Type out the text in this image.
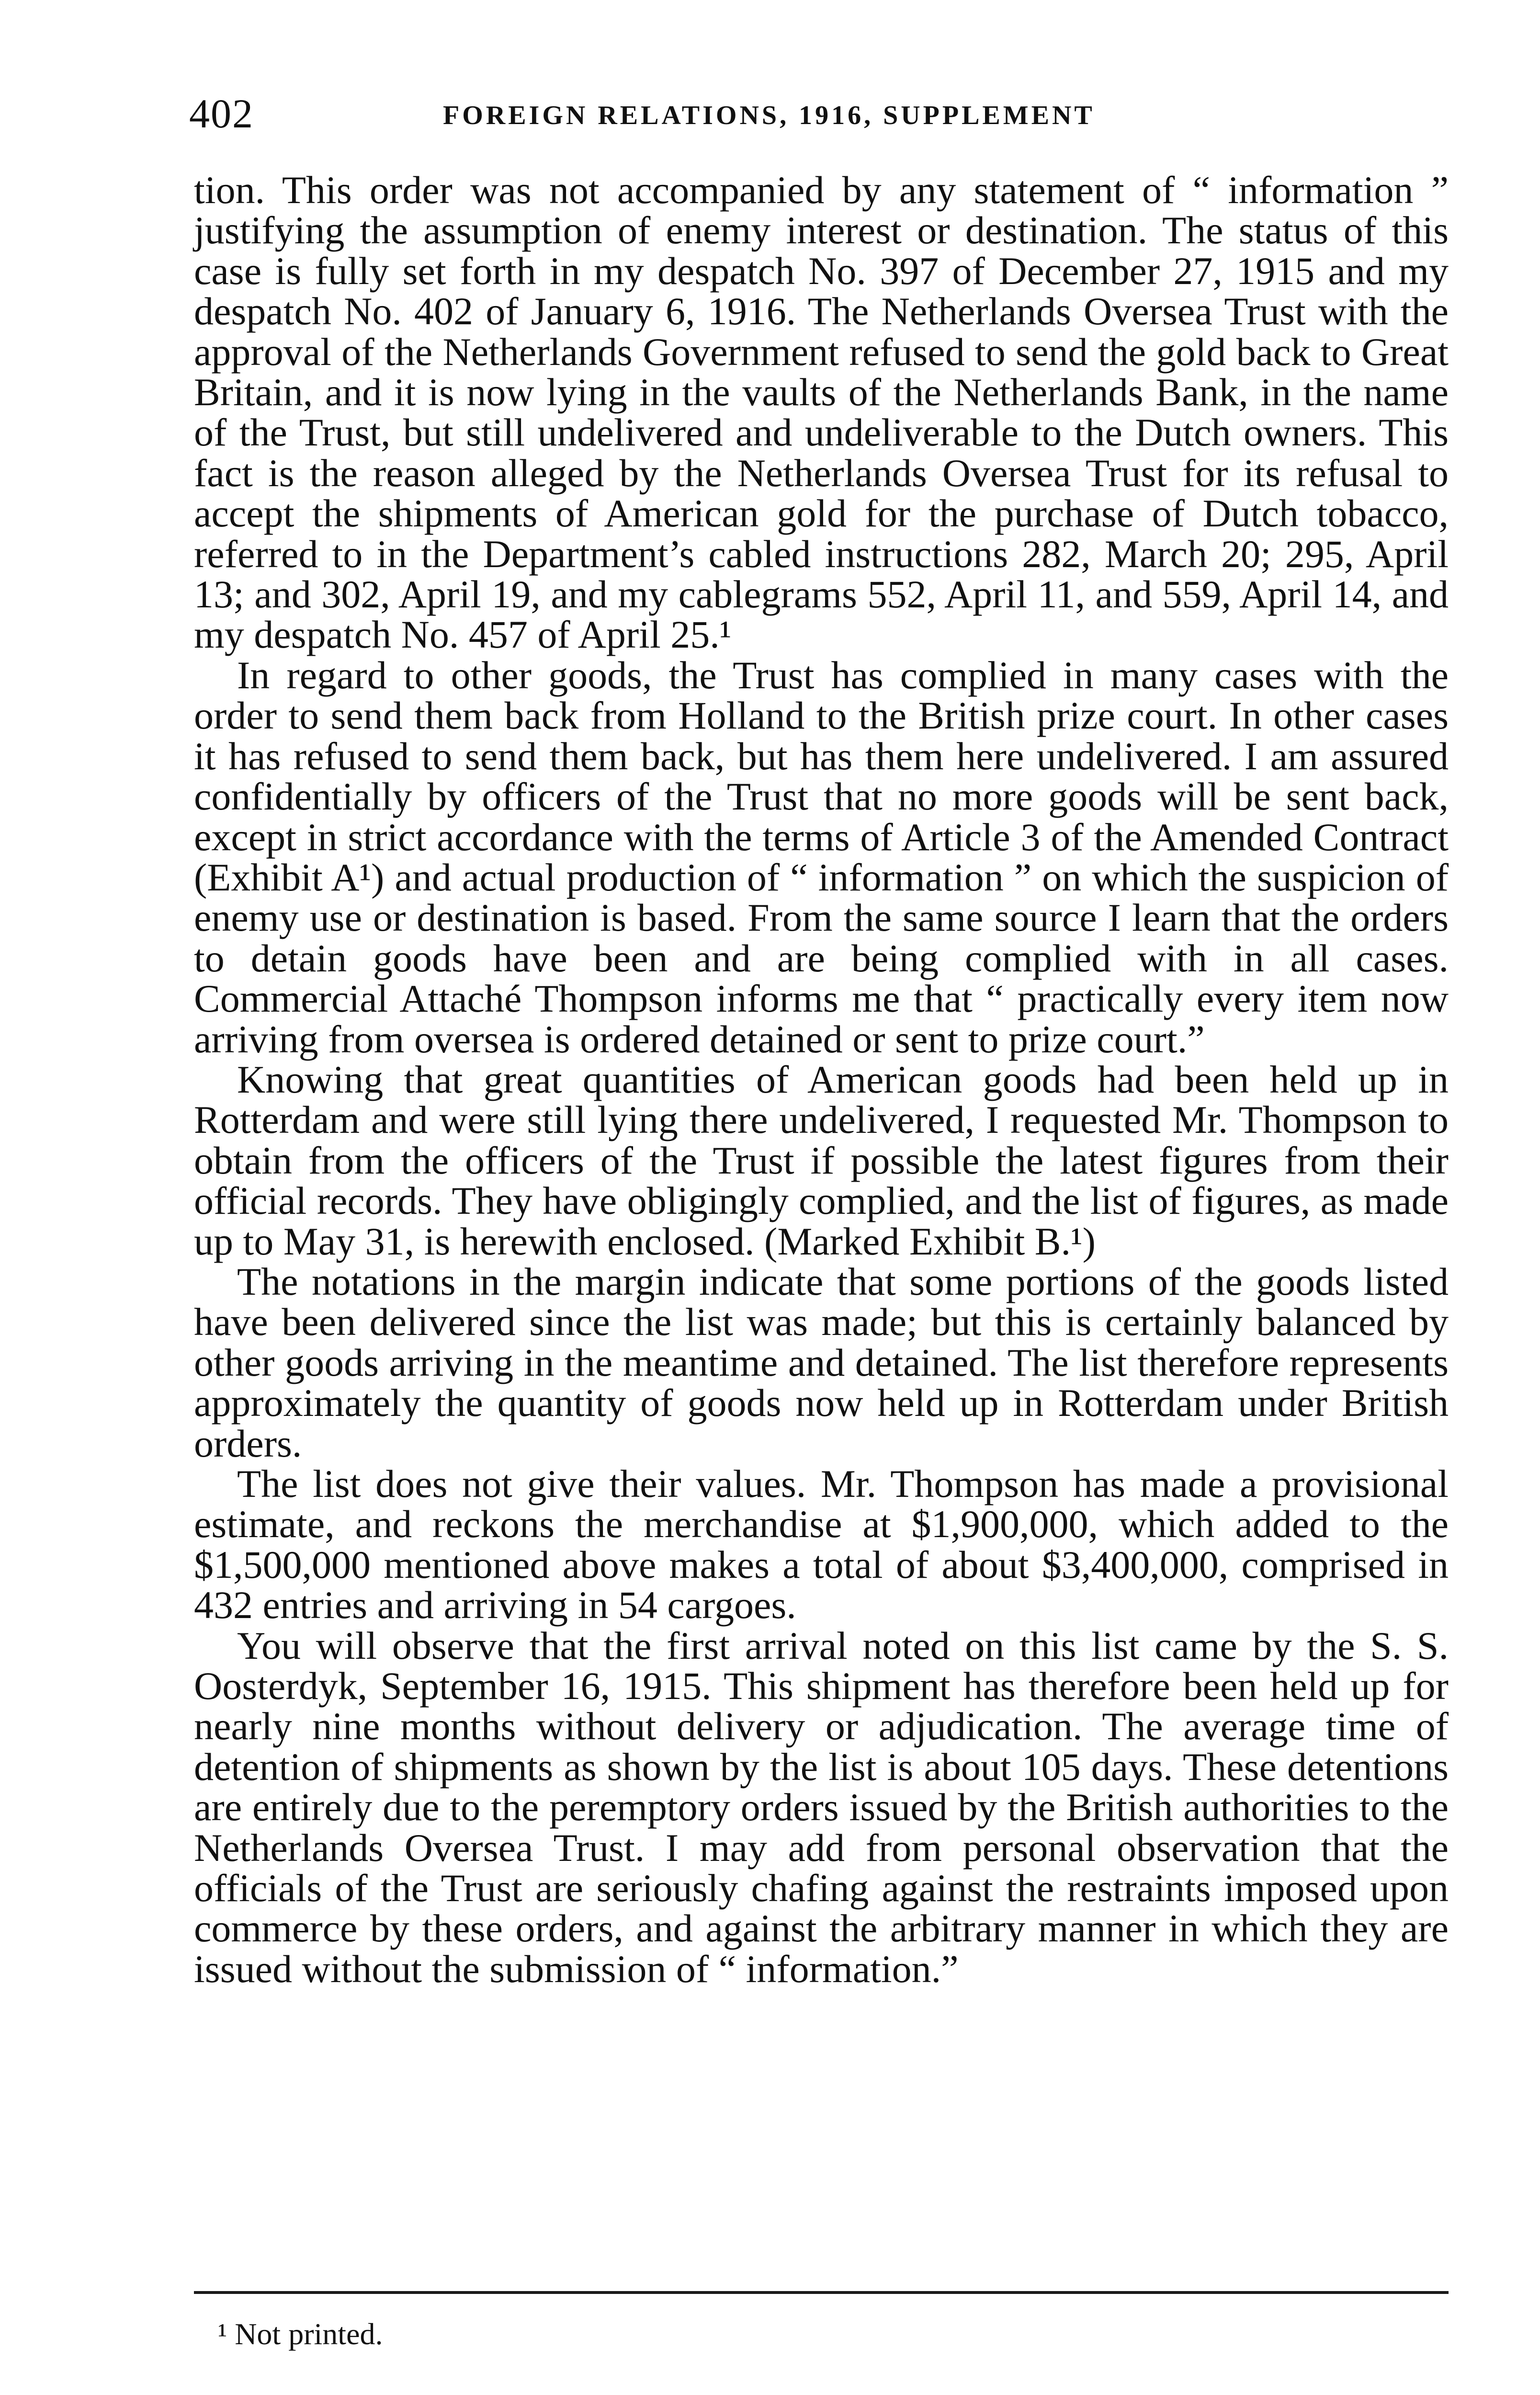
402	FOREIGN RELATIONS, 1916, SUPPLEMENT

tion. This order was not accompanied by any statement of “ information ” justifying the assumption of enemy interest or destination. The status of this case is fully set forth in my despatch No. 397 of December 27, 1915 and my despatch No. 402 of January 6, 1916. The Netherlands Oversea Trust with the approval of the Netherlands Government refused to send the gold back to Great Britain, and it is now lying in the vaults of the Netherlands Bank, in the name of the Trust, but still undelivered and undeliverable to the Dutch owners. This fact is the reason alleged by the Netherlands Oversea Trust for its refusal to accept the shipments of American gold for the purchase of Dutch tobacco, referred to in the Department’s cabled instructions 282, March 20; 295, April 13; and 302, April 19, and my cablegrams 552, April 11, and 559, April 14, and my despatch No. 457 of April 25.¹

In regard to other goods, the Trust has complied in many cases with the order to send them back from Holland to the British prize court. In other cases it has refused to send them back, but has them here undelivered. I am assured confidentially by officers of the Trust that no more goods will be sent back, except in strict accordance with the terms of Article 3 of the Amended Contract (Exhibit A¹) and actual production of “ information ” on which the suspicion of enemy use or destination is based. From the same source I learn that the orders to detain goods have been and are being complied with in all cases. Commercial Attaché Thompson informs me that “ practically every item now arriving from oversea is ordered detained or sent to prize court.”

Knowing that great quantities of American goods had been held up in Rotterdam and were still lying there undelivered, I requested Mr. Thompson to obtain from the officers of the Trust if possible the latest figures from their official records. They have obligingly complied, and the list of figures, as made up to May 31, is herewith enclosed. (Marked Exhibit B.¹)

The notations in the margin indicate that some portions of the goods listed have been delivered since the list was made; but this is certainly balanced by other goods arriving in the meantime and detained. The list therefore represents approximately the quantity of goods now held up in Rotterdam under British orders.

The list does not give their values. Mr. Thompson has made a provisional estimate, and reckons the merchandise at $1,900,000, which added to the $1,500,000 mentioned above makes a total of about $3,400,000, comprised in 432 entries and arriving in 54 cargoes.

You will observe that the first arrival noted on this list came by the S. S. Oosterdyk, September 16, 1915. This shipment has therefore been held up for nearly nine months without delivery or adjudication. The average time of detention of shipments as shown by the list is about 105 days. These detentions are entirely due to the peremptory orders issued by the British authorities to the Netherlands Oversea Trust. I may add from personal observation that the officials of the Trust are seriously chafing against the restraints imposed upon commerce by these orders, and against the arbitrary manner in which they are issued without the submission of “ information.”

¹ Not printed.
